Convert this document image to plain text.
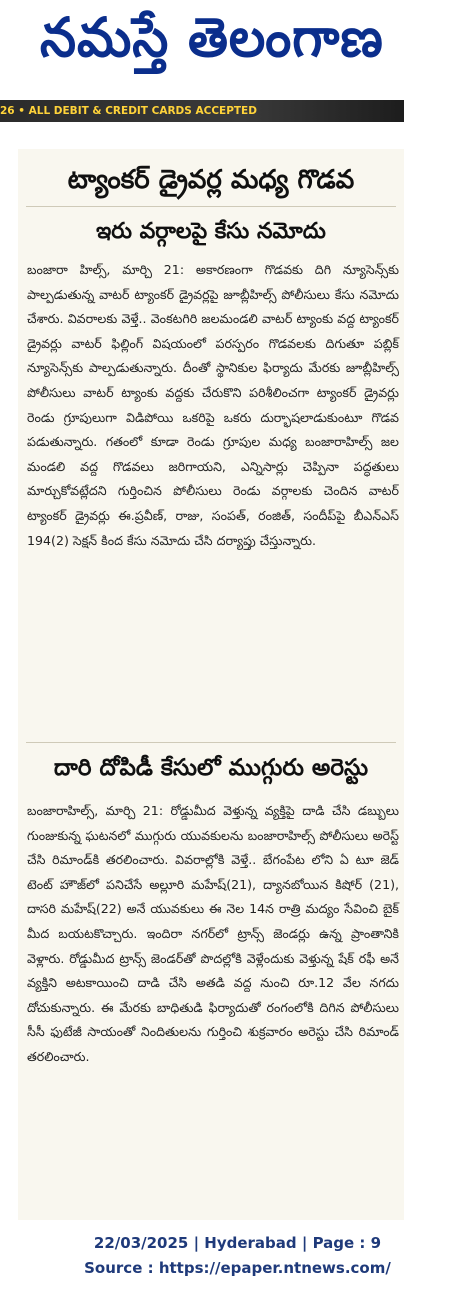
నమస్తే తెలంగాణ
26 • ALL DEBIT & CREDIT CARDS ACCEPTED
ట్యాంకర్ డ్రైవర్ల మధ్య గొడవ
ఇరు వర్గాలపై కేసు నమోదు
బంజారా హిల్స్, మార్చి 21: అకారణంగా గొడవకు దిగి న్యూసెన్స్‌కు పాల్పడుతున్న వాటర్ ట్యాంకర్ డ్రైవర్లపై జూబ్లీహిల్స్ పోలీసులు కేసు నమోదు చేశారు. వివరాలకు వెళ్తే.. వెంకటగిరి జలమండలి వాటర్ ట్యాంకు వద్ద ట్యాంకర్ డ్రైవర్లు వాటర్ ఫిల్లింగ్ విషయంలో పరస్పరం గొడవలకు దిగుతూ పబ్లిక్ న్యూసెన్స్‌కు పాల్పడుతున్నారు. దీంతో స్థానికుల ఫిర్యాదు మేరకు జూబ్లీహిల్స్ పోలీసులు వాటర్ ట్యాంకు వద్దకు చేరుకొని పరిశీలించగా ట్యాంకర్ డ్రైవర్లు రెండు గ్రూపులుగా విడిపోయి ఒకరిపై ఒకరు దుర్భాషలాడుకుంటూ గొడవ పడుతున్నారు. గతంలో కూడా రెండు గ్రూపుల మధ్య బంజారాహిల్స్ జల మండలి వద్ద గొడవలు జరిగాయని, ఎన్నిసార్లు చెప్పినా పద్ధతులు మార్చుకోవట్లేదని గుర్తించిన పోలీసులు రెండు వర్గాలకు చెందిన వాటర్ ట్యాంకర్ డ్రైవర్లు ఈ.ప్రవీణ్, రాజు, సంపత్, రంజిత్, సందీప్‌పై బీఎన్ఎస్ 194(2) సెక్షన్ కింద కేసు నమోదు చేసి దర్యాప్తు చేస్తున్నారు.
దారి దోపిడీ కేసులో ముగ్గురు అరెస్టు
బంజారాహిల్స్, మార్చి 21: రోడ్డుమీద వెళ్తున్న వ్యక్తిపై దాడి చేసి డబ్బులు గుంజుకున్న ఘటనలో ముగ్గురు యువకులను బంజారాహిల్స్ పోలీసులు అరెస్ట్ చేసి రిమాండ్‌కి తరలించారు. వివరాల్లోకి వెళ్తే.. బేగంపేట లోని ఏ టూ జెడ్ టెంట్ హౌజ్‌లో పనిచేసే అల్లూరి మహేష్(21), ద్యానబోయిన కిషోర్ (21), దాసరి మహేష్(22) అనే యువకులు ఈ నెల 14న రాత్రి మద్యం సేవించి బైక్ మీద బయటకొచ్చారు. ఇందిరా నగర్‌లో ట్రాన్స్ జెండర్లు ఉన్న ప్రాంతానికి వెళ్లారు. రోడ్డుమీద ట్రాన్స్ జెండర్‌తో పొదల్లోకి వెళ్లేందుకు వెళ్తున్న షేక్ రఫీ అనే వ్యక్తిని అటకాయించి దాడి చేసి అతడి వద్ద నుంచి రూ.12 వేల నగదు దోచుకున్నారు. ఈ మేరకు బాధితుడి ఫిర్యాదుతో రంగంలోకి దిగిన పోలీసులు సీసీ ఫుటేజీ సాయంతో నిందితులను గుర్తించి శుక్రవారం అరెస్టు చేసి రిమాండ్ తరలించారు.
22/03/2025 | Hyderabad | Page : 9
Source : https://epaper.ntnews.com/
